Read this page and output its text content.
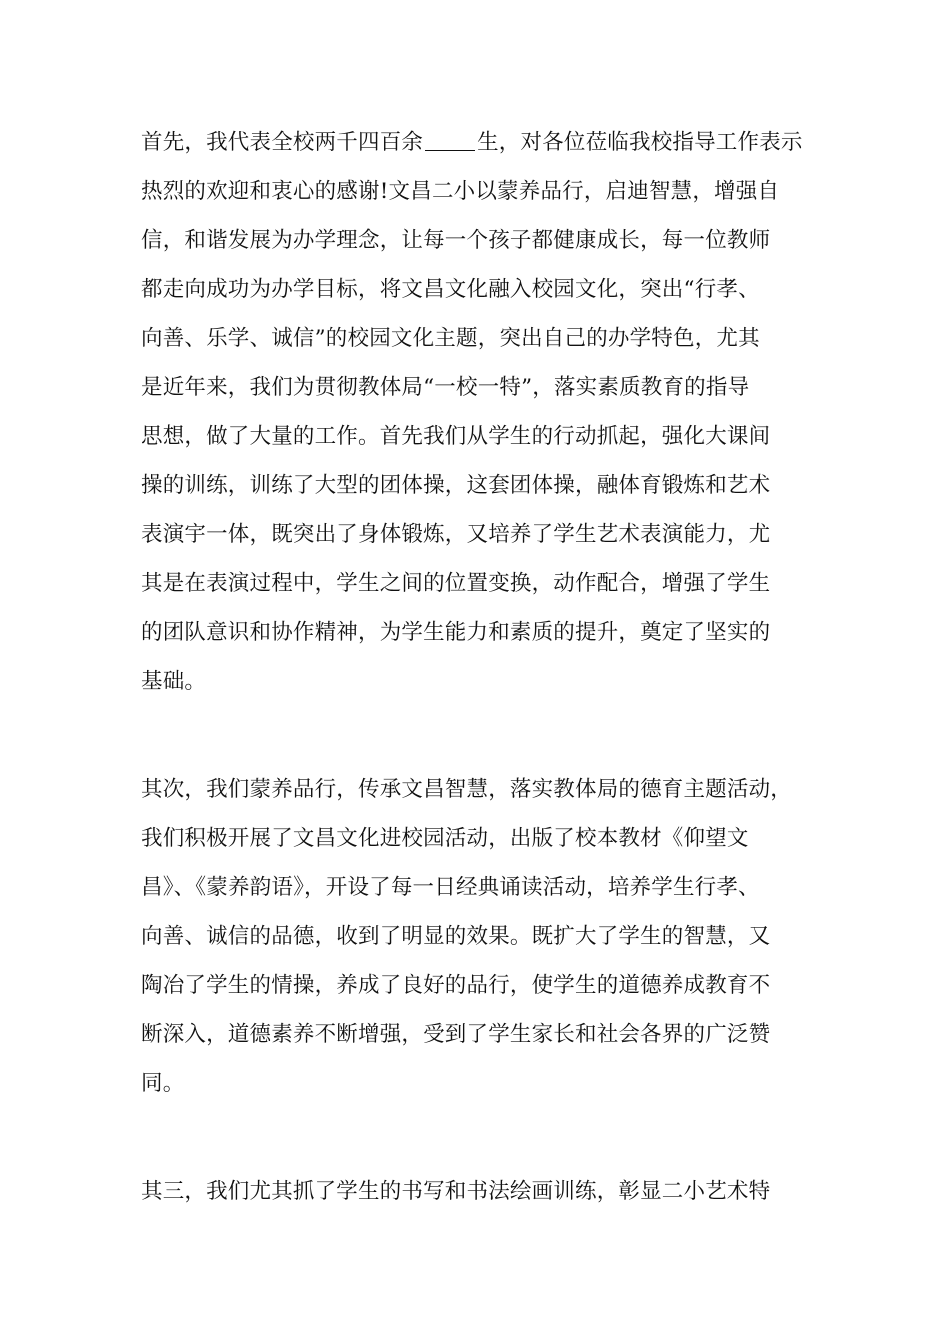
首先，我代表全校两千四百余	生，对各位莅临我校指导工作表示
热烈的欢迎和衷心的感谢!文昌二小以蒙养品行，启迪智慧，增强自
信，和谐发展为办学理念，让每一个孩子都健康成长，每一位教师
都走向成功为办学目标，将文昌文化融入校园文化，突出“行孝、
向善、乐学、诚信”的校园文化主题，突出自己的办学特色，尤其
是近年来，我们为贯彻教体局“一校一特”，落实素质教育的指导
思想，做了大量的工作。首先我们从学生的行动抓起，强化大课间
操的训练，训练了大型的团体操，这套团体操，融体育锻炼和艺术
表演宇一体，既突出了身体锻炼，又培养了学生艺术表演能力，尤
其是在表演过程中，学生之间的位置变换，动作配合，增强了学生
的团队意识和协作精神，为学生能力和素质的提升，奠定了坚实的
基础。
其次，我们蒙养品行，传承文昌智慧，落实教体局的德育主题活动，
我们积极开展了文昌文化进校园活动，出版了校本教材《仰望文
昌》、《蒙养韵语》，开设了每一日经典诵读活动，培养学生行孝、
向善、诚信的品德，收到了明显的效果。既扩大了学生的智慧，又
陶冶了学生的情操，养成了良好的品行，使学生的道德养成教育不
断深入，道德素养不断增强，受到了学生家长和社会各界的广泛赞
同。
其三，我们尤其抓了学生的书写和书法绘画训练，彰显二小艺术特
